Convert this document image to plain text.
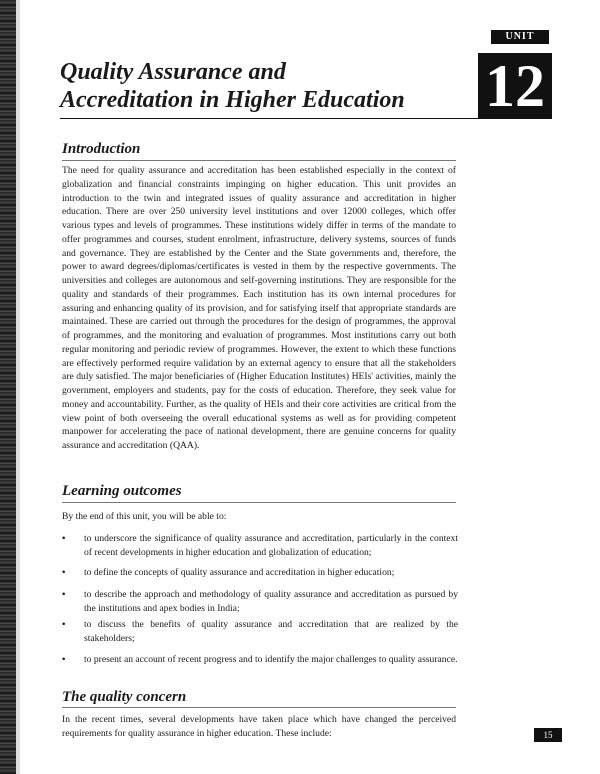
UNIT
12
Quality Assurance and
Accreditation in Higher Education
Introduction

The need for quality assurance and accreditation has been established especially in the context of globalization and financial constraints impinging on higher education. This unit provides an introduction to the twin and integrated issues of quality assurance and accreditation in higher education. There are over 250 university level institutions and over 12000 colleges, which offer various types and levels of programmes. These institutions widely differ in terms of the mandate to offer programmes and courses, student enrolment, infrastructure, delivery systems, sources of funds and governance. They are established by the Center and the State governments and, therefore, the power to award degrees/diplomas/certificates is vested in them by the respective governments. The universities and colleges are autonomous and self-governing institutions. They are responsible for the quality and standards of their programmes. Each institution has its own internal procedures for assuring and enhancing quality of its provision, and for satisfying itself that appropriate standards are maintained. These are carried out through the procedures for the design of programmes, the approval of programmes, and the monitoring and evaluation of programmes. Most institutions carry out both regular monitoring and periodic review of programmes. However, the extent to which these functions are effectively performed require validation by an external agency to ensure that all the stakeholders are duly satisfied. The major beneficiaries of (Higher Education Institutes) HEIs' activities, mainly the government, employers and students, pay for the costs of education. Therefore, they seek value for money and accountability. Further, as the quality of HEIs and their core activities are critical from the view point of both overseeing the overall educational systems as well as for providing competent manpower for accelerating the pace of national development, there are genuine concerns for quality assurance and accreditation (QAA).

Learning outcomes

By the end of this unit, you will be able to:

•	to underscore the significance of quality assurance and accreditation, particularly in the context of recent developments in higher education and globalization of education;
•	to define the concepts of quality assurance and accreditation in higher education;
•	to describe the approach and methodology of quality assurance and accreditation as pursued by the institutions and apex bodies in India;
•	to discuss the benefits of quality assurance and accreditation that are realized by the stakeholders;
•	to present an account of recent progress and to identify the major challenges to quality assurance.
The quality concern

In the recent times, several developments have taken place which have changed the perceived requirements for quality assurance in higher education. These include:	15
